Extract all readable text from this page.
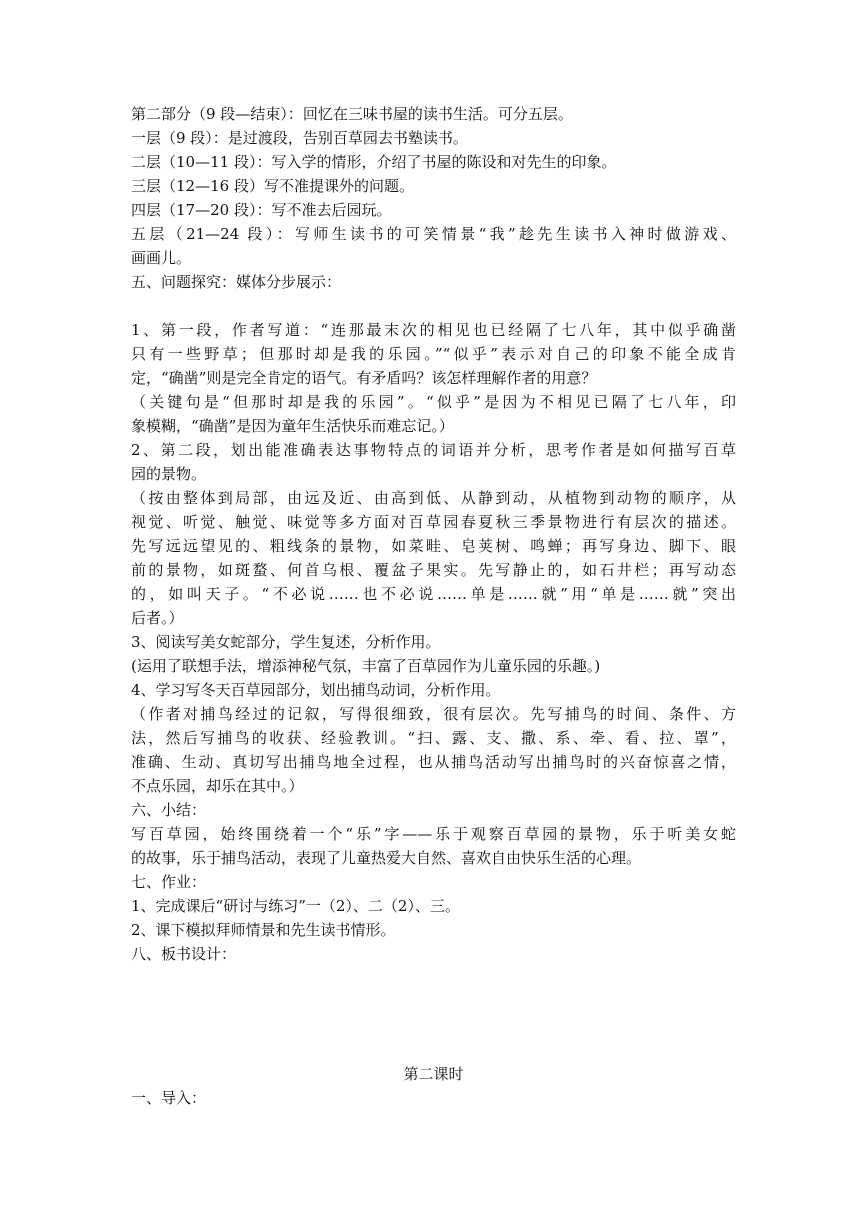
第二部分（9 段—结束）：回忆在三味书屋的读书生活。可分五层。
一层（9 段）：是过渡段，告别百草园去书塾读书。
二层（10—11 段）：写入学的情形，介绍了书屋的陈设和对先生的印象。
三层（12—16 段）写不准提课外的问题。
四层（17—20 段）：写不准去后园玩。
五层（21—24 段）：写师生读书的可笑情景“我”趁先生读书入神时做游戏、
画画儿。
五、问题探究：媒体分步展示：
1、第一段，作者写道：“连那最末次的相见也已经隔了七八年，其中似乎确凿
只有一些野草；但那时却是我的乐园。”“似乎”表示对自己的印象不能全成肯
定，“确凿”则是完全肯定的语气。有矛盾吗？该怎样理解作者的用意？
（关键句是“但那时却是我的乐园”。“似乎”是因为不相见已隔了七八年，印
象模糊，“确凿”是因为童年生活快乐而难忘记。）
2、第二段，划出能准确表达事物特点的词语并分析，思考作者是如何描写百草
园的景物。
（按由整体到局部，由远及近、由高到低、从静到动，从植物到动物的顺序，从
视觉、听觉、触觉、味觉等多方面对百草园春夏秋三季景物进行有层次的描述。
先写远远望见的、粗线条的景物，如菜畦、皂荚树、鸣蝉；再写身边、脚下、眼
前的景物，如斑蝥、何首乌根、覆盆子果实。先写静止的，如石井栏；再写动态
的，如叫天子。“不必说……也不必说……单是……就”用“单是……就”突出
后者。）
3、阅读写美女蛇部分，学生复述，分析作用。
(运用了联想手法，增添神秘气氛，丰富了百草园作为儿童乐园的乐趣。)
4、学习写冬天百草园部分，划出捕鸟动词，分析作用。
（作者对捕鸟经过的记叙，写得很细致，很有层次。先写捕鸟的时间、条件、方
法，然后写捕鸟的收获、经验教训。“扫、露、支、撒、系、牵、看、拉、罩”，
准确、生动、真切写出捕鸟地全过程，也从捕鸟活动写出捕鸟时的兴奋惊喜之情，
不点乐园，却乐在其中。）
六、小结：
写百草园，始终围绕着一个“乐”字——乐于观察百草园的景物，乐于听美女蛇
的故事，乐于捕鸟活动，表现了儿童热爱大自然、喜欢自由快乐生活的心理。
七、作业：
1、完成课后“研讨与练习”一（2）、二（2）、三。
2、课下模拟拜师情景和先生读书情形。
八、板书设计：
第二课时
一、导入：
